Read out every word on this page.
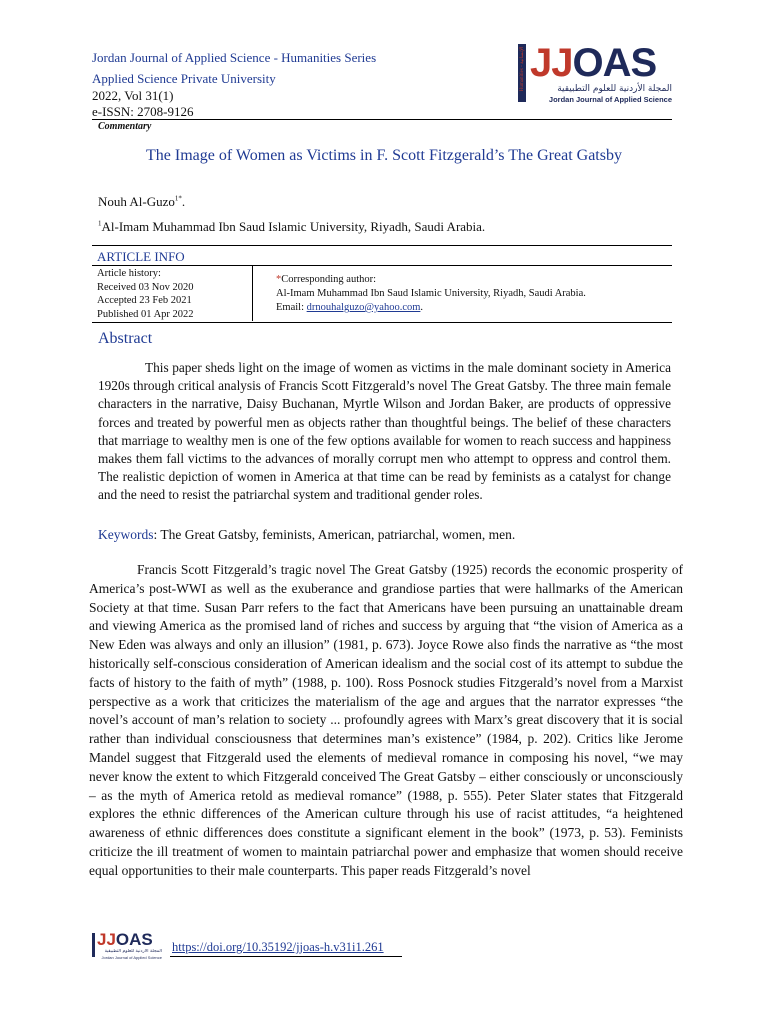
Jordan Journal of Applied Science - Humanities Series
Applied Science Private University
2022, Vol 31(1)
e-ISSN: 2708-9126
Commentary
Humanities - الإنسانية JJOAS
المجلة الأردنية للعلوم التطبيقية
Jordan Journal of Applied Science
The Image of Women as Victims in F. Scott Fitzgerald’s The Great Gatsby
Nouh Al-Guzo$^{1*}$.
$^1$Al-Imam Muhammad Ibn Saud Islamic University, Riyadh, Saudi Arabia.
ARTICLE INFO
Article history:
Received 03 Nov 2020
Accepted 23 Feb 2021
Published 01 Apr 2022
*Corresponding author:
Al-Imam Muhammad Ibn Saud Islamic University, Riyadh, Saudi Arabia.
Email: drnouhalguzo@yahoo.com.
Abstract
This paper sheds light on the image of women as victims in the male dominant society in America 1920s through critical analysis of Francis Scott Fitzgerald’s novel The Great Gatsby. The three main female characters in the narrative, Daisy Buchanan, Myrtle Wilson and Jordan Baker, are products of oppressive forces and treated by powerful men as objects rather than thoughtful beings. The belief of these characters that marriage to wealthy men is one of the few options available for women to reach success and happiness makes them fall victims to the advances of morally corrupt men who attempt to oppress and control them. The realistic depiction of women in America at that time can be read by feminists as a catalyst for change and the need to resist the patriarchal system and traditional gender roles.
Keywords: The Great Gatsby, feminists, American, patriarchal, women, men.
Francis Scott Fitzgerald’s tragic novel The Great Gatsby (1925) records the economic prosperity of America’s post-WWI as well as the exuberance and grandiose parties that were hallmarks of the American Society at that time. Susan Parr refers to the fact that Americans have been pursuing an unattainable dream and viewing America as the promised land of riches and success by arguing that “the vision of America as a New Eden was always and only an illusion” (1981, p. 673). Joyce Rowe also finds the narrative as “the most historically self-conscious consideration of American idealism and the social cost of its attempt to subdue the facts of history to the faith of myth” (1988, p. 100). Ross Posnock studies Fitzgerald’s novel from a Marxist perspective as a work that criticizes the materialism of the age and argues that the narrator expresses “the novel’s account of man’s relation to society ... profoundly agrees with Marx’s great discovery that it is social rather than individual consciousness that determines man’s existence” (1984, p. 202). Critics like Jerome Mandel suggest that Fitzgerald used the elements of medieval romance in composing his novel, “we may never know the extent to which Fitzgerald conceived The Great Gatsby – either consciously or unconsciously – as the myth of America retold as medieval romance” (1988, p. 555). Peter Slater states that Fitzgerald explores the ethnic differences of the American culture through his use of racist attitudes, “a heightened awareness of ethnic differences does constitute a significant element in the book” (1973, p. 53). Feminists criticize the ill treatment of women to maintain patriarchal power and emphasize that women should receive equal opportunities to their male counterparts. This paper reads Fitzgerald’s novel
JJOAS
المجلة الأردنية للعلوم التطبيقية
Jordan Journal of Applied Science
https://doi.org/10.35192/jjoas-h.v31i1.261
